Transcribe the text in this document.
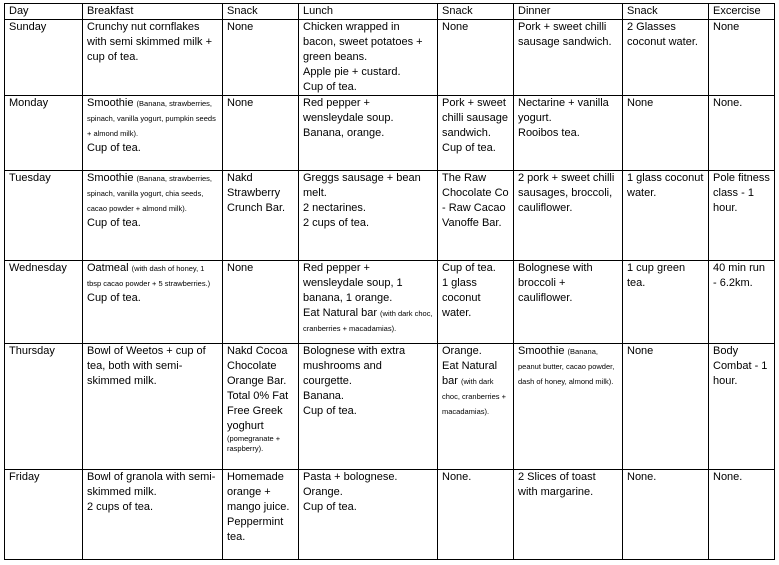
Day	Breakfast	Snack	Lunch	Snack	Dinner	Snack	Excercise
Sunday	Crunchy nut cornflakes with semi skimmed milk + cup of tea.	None	Chicken wrapped in bacon, sweet potatoes + green beans.
Apple pie + custard.
Cup of tea.	None	Pork + sweet chilli sausage sandwich.	2 Glasses coconut water.	None

Monday	Smoothie (Banana, strawberries, spinach, vanilla yogurt, pumpkin seeds + almond milk).
Cup of tea.	None	Red pepper + wensleydale soup.
Banana, orange.	Pork + sweet chilli sausage sandwich.
Cup of tea.	Nectarine + vanilla yogurt.
Rooibos tea.	None	None.

Tuesday	Smoothie (Banana, strawberries, spinach, vanilla yogurt, chia seeds, cacao powder + almond milk).
Cup of tea.	Nakd Strawberry Crunch Bar.	Greggs sausage + bean melt.
2 nectarines.
2 cups of tea.	The Raw Chocolate Co - Raw Cacao Vanoffe Bar.	2 pork + sweet chilli sausages, broccoli, cauliflower.	1 glass coconut water.	Pole fitness class - 1 hour.

Wednesday	Oatmeal (with dash of honey, 1 tbsp cacao powder + 5 strawberries.)
Cup of tea.	None	Red pepper + wensleydale soup, 1 banana, 1 orange.
Eat Natural bar (with dark choc, cranberries + macadamias).	Cup of tea.
1 glass coconut water.	Bolognese with broccoli + cauliflower.	1 cup green tea.	40 min run - 6.2km.

Thursday	Bowl of Weetos + cup of tea, both with semi-skimmed milk.	Nakd Cocoa Chocolate Orange Bar.
Total 0% Fat Free Greek yoghurt
(pomegranate + raspberry).	Bolognese with extra mushrooms and courgette.
Banana.
Cup of tea.	Orange.
Eat Natural bar (with dark choc, cranberries + macadamias).	Smoothie (Banana, peanut butter, cacao powder, dash of honey, almond milk).	None	Body Combat - 1 hour.

Friday	Bowl of granola with semi-skimmed milk.
2 cups of tea.	Homemade orange + mango juice.
Peppermint tea.	Pasta + bolognese.
Orange.
Cup of tea.	None.	2 Slices of toast with margarine.	None.	None.
